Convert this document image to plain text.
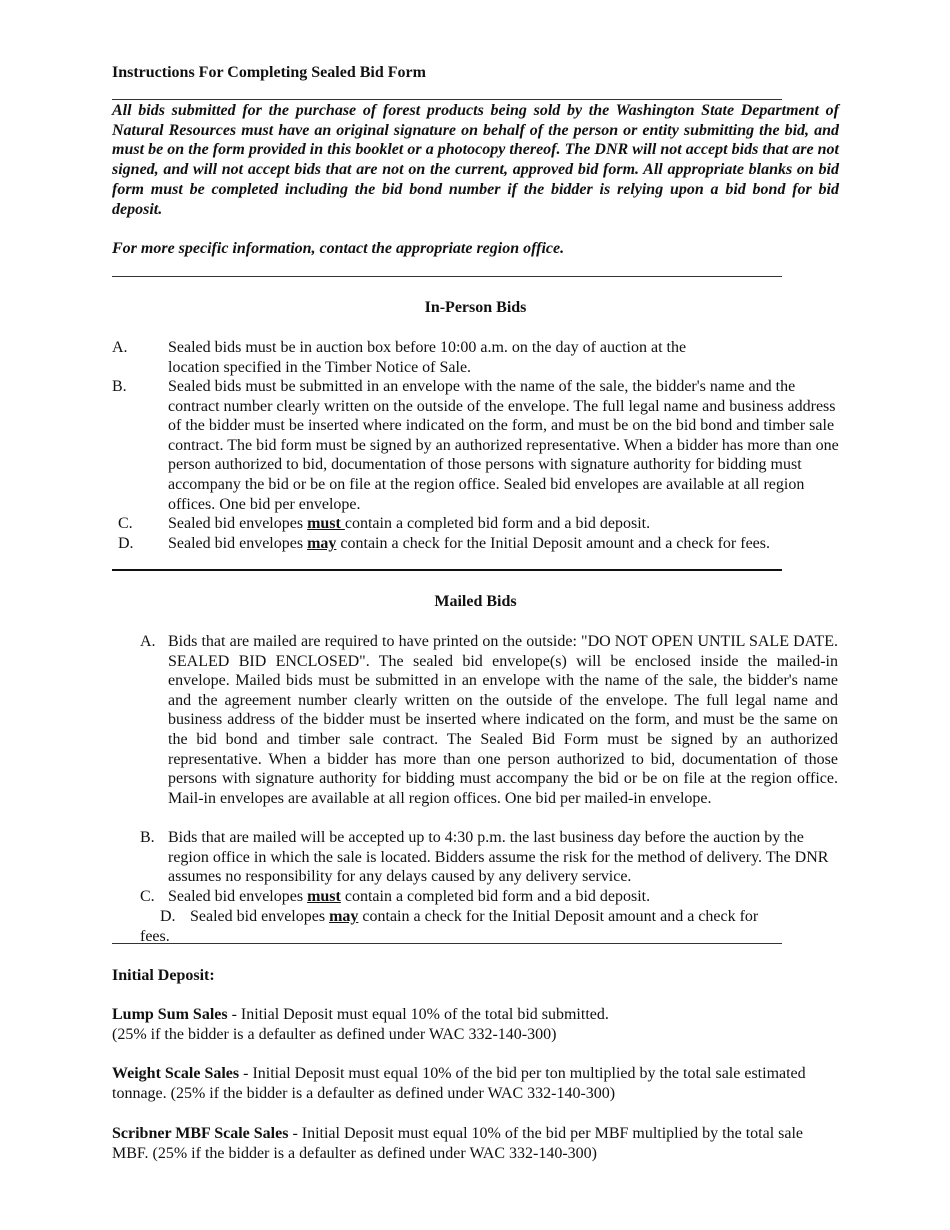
Instructions For Completing Sealed Bid Form
All bids submitted for the purchase of forest products being sold by the Washington State Department of Natural Resources must have an original signature on behalf of the person or entity submitting the bid, and must be on the form provided in this booklet or a photocopy thereof. The DNR will not accept bids that are not signed, and will not accept bids that are not on the current, approved bid form. All appropriate blanks on bid form must be completed including the bid bond number if the bidder is relying upon a bid bond for bid deposit.
For more specific information, contact the appropriate region office.
In-Person Bids
A.	Sealed bids must be in auction box before 10:00 a.m. on the day of auction at the location specified in the Timber Notice of Sale.
B.	Sealed bids must be submitted in an envelope with the name of the sale, the bidder's name and the contract number clearly written on the outside of the envelope. The full legal name and business address of the bidder must be inserted where indicated on the form, and must be on the bid bond and timber sale contract. The bid form must be signed by an authorized representative. When a bidder has more than one person authorized to bid, documentation of those persons with signature authority for bidding must accompany the bid or be on file at the region office. Sealed bid envelopes are available at all region offices. One bid per envelope.
C. Sealed bid envelopes must contain a completed bid form and a bid deposit.
D. Sealed bid envelopes may contain a check for the Initial Deposit amount and a check for fees.
Mailed Bids
A. Bids that are mailed are required to have printed on the outside: "DO NOT OPEN UNTIL SALE DATE. SEALED BID ENCLOSED". The sealed bid envelope(s) will be enclosed inside the mailed-in envelope. Mailed bids must be submitted in an envelope with the name of the sale, the bidder's name and the agreement number clearly written on the outside of the envelope. The full legal name and business address of the bidder must be inserted where indicated on the form, and must be the same on the bid bond and timber sale contract. The Sealed Bid Form must be signed by an authorized representative. When a bidder has more than one person authorized to bid, documentation of those persons with signature authority for bidding must accompany the bid or be on file at the region office. Mail-in envelopes are available at all region offices. One bid per mailed-in envelope.
B. Bids that are mailed will be accepted up to 4:30 p.m. the last business day before the auction by the region office in which the sale is located. Bidders assume the risk for the method of delivery. The DNR assumes no responsibility for any delays caused by any delivery service.
C. Sealed bid envelopes must contain a completed bid form and a bid deposit.
D. Sealed bid envelopes may contain a check for the Initial Deposit amount and a check for
fees.
Initial Deposit:
Lump Sum Sales - Initial Deposit must equal 10% of the total bid submitted.
(25% if the bidder is a defaulter as defined under WAC 332-140-300)
Weight Scale Sales - Initial Deposit must equal 10% of the bid per ton multiplied by the total sale estimated tonnage. (25% if the bidder is a defaulter as defined under WAC 332-140-300)
Scribner MBF Scale Sales - Initial Deposit must equal 10% of the bid per MBF multiplied by the total sale MBF. (25% if the bidder is a defaulter as defined under WAC 332-140-300)
